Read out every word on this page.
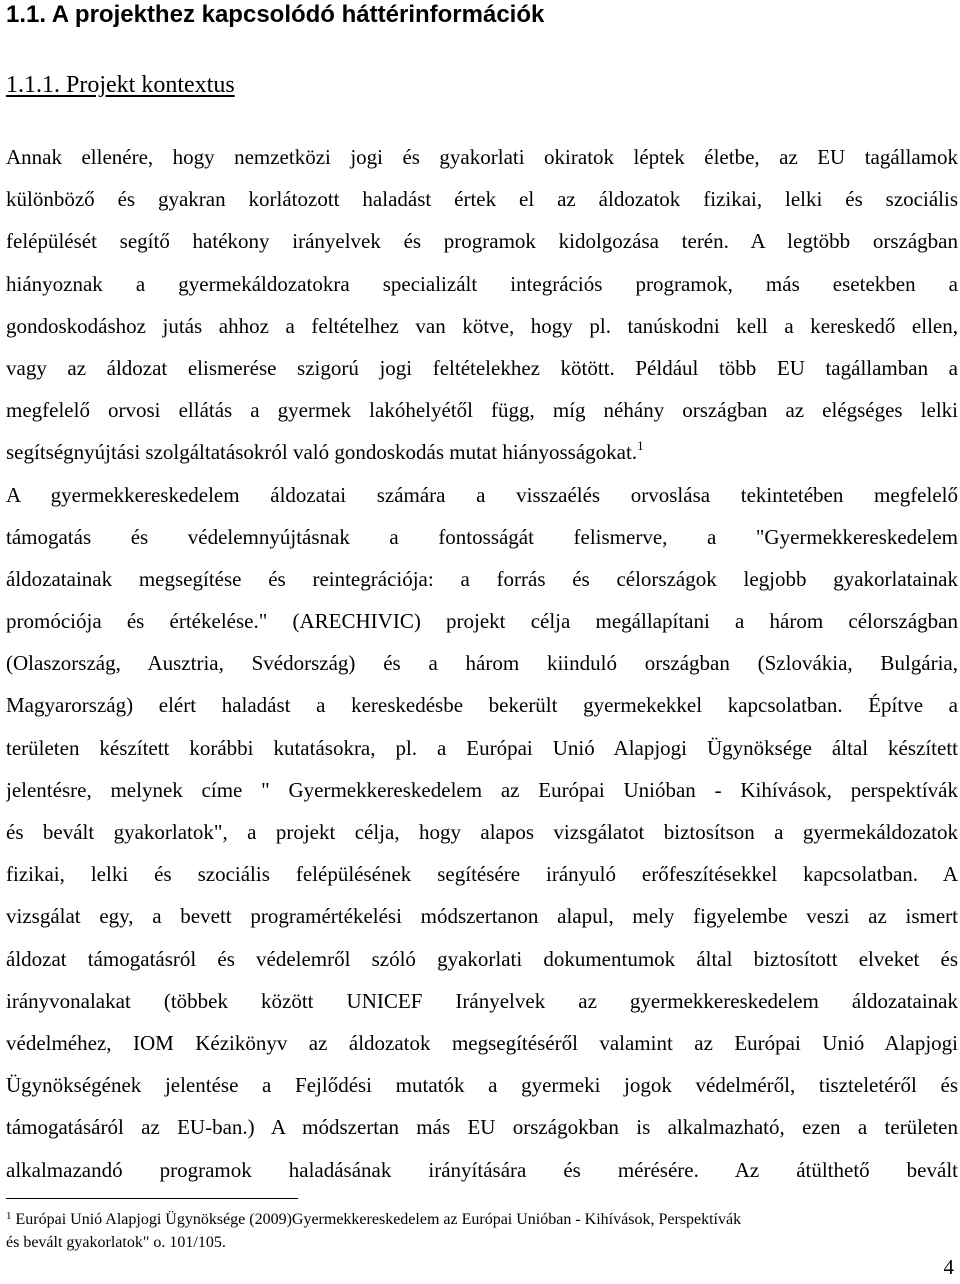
1.1. A projekthez kapcsolódó háttérinformációk
1.1.1. Projekt kontextus
Annak ellenére, hogy nemzetközi jogi és gyakorlati okiratok léptek életbe, az EU tagállamok
különböző és gyakran korlátozott haladást értek el az áldozatok fizikai, lelki és szociális
felépülését segítő hatékony irányelvek és programok kidolgozása terén. A legtöbb országban
hiányoznak a gyermekáldozatokra specializált integrációs programok, más esetekben a
gondoskodáshoz jutás ahhoz a feltételhez van kötve, hogy pl. tanúskodni kell a kereskedő ellen,
vagy az áldozat elismerése szigorú jogi feltételekhez kötött. Például több EU tagállamban a
megfelelő orvosi ellátás a gyermek lakóhelyétől függ, míg néhány országban az elégséges lelki
segítségnyújtási szolgáltatásokról való gondoskodás mutat hiányosságokat.$^1$
A gyermekkereskedelem áldozatai számára a visszaélés orvoslása tekintetében megfelelő
támogatás és védelemnyújtásnak a fontosságát felismerve, a "Gyermekkereskedelem
áldozatainak megsegítése és reintegrációja: a forrás és célországok legjobb gyakorlatainak
promóciója és értékelése." (ARECHIVIC) projekt célja megállapítani a három célországban
(Olaszország, Ausztria, Svédország) és a három kiinduló országban (Szlovákia, Bulgária,
Magyarország) elért haladást a kereskedésbe bekerült gyermekekkel kapcsolatban. Építve a
területen készített korábbi kutatásokra, pl. a Európai Unió Alapjogi Ügynöksége által készített
jelentésre, melynek címe " Gyermekkereskedelem az Európai Unióban - Kihívások, perspektívák
és bevált gyakorlatok", a projekt célja, hogy alapos vizsgálatot biztosítson a gyermekáldozatok
fizikai, lelki és szociális felépülésének segítésére irányuló erőfeszítésekkel kapcsolatban. A
vizsgálat egy, a bevett programértékelési módszertanon alapul, mely figyelembe veszi az ismert
áldozat támogatásról és védelemről szóló gyakorlati dokumentumok által biztosított elveket és
irányvonalakat (többek között UNICEF Irányelvek az gyermekkereskedelem áldozatainak
védelméhez, IOM Kézikönyv az áldozatok megsegítéséről valamint az Európai Unió Alapjogi
Ügynökségének jelentése a Fejlődési mutatók a gyermeki jogok védelméről, tiszteletéről és
támogatásáról az EU-ban.) A módszertan más EU országokban is alkalmazható, ezen a területen
alkalmazandó programok haladásának irányítására és mérésére. Az átülthető bevált
$^1$ Európai Unió Alapjogi Ügynöksége (2009)Gyermekkereskedelem az Európai Unióban - Kihívások, Perspektívák
és bevált gyakorlatok" o. 101/105.
4
